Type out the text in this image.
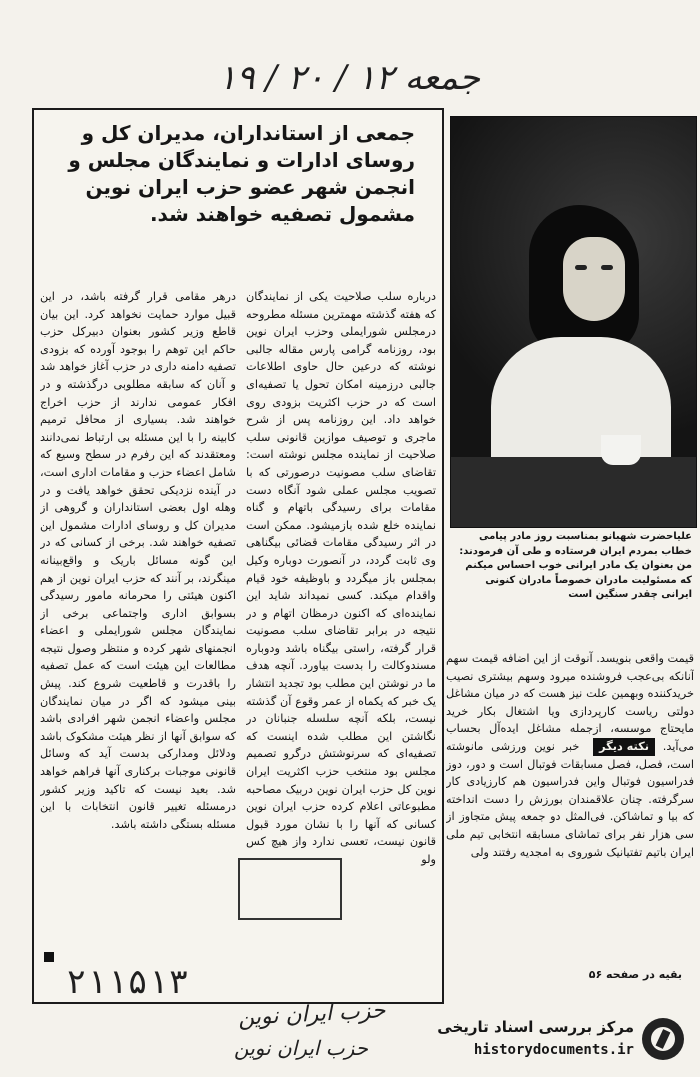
جمعه ۱۲ / ۲۰ / ۱۹
جمعی از استانداران، مدیران کل و روسای ادارات و نمایندگان مجلس و انجمن شهر عضو حزب ایران نوین مشمول تصفیه خواهند شد.
درباره سلب صلاحیت یکی از نمایندگان که هفته گذشته مهمترین مسئله مطروحه درمجلس شورایملی وحزب ایران نوین بود، روزنامه گرامی پارس مقاله جالبی نوشته که درعین حال حاوی اطلاعات جالبی درزمینه امکان تحول یا تصفیه‌ای است که در حزب اکثریت بزودی روی خواهد داد. این روزنامه پس از شرح ماجری و توصیف موازین قانونی سلب صلاحیت از نماینده مجلس نوشته است: تقاضای سلب مصونیت درصورتی که با تصویب مجلس عملی شود آنگاه دست مقامات برای رسیدگی باتهام و گناه نماینده خلع شده بازمیشود. ممکن است در اثر رسیدگی مقامات قضائی بیگناهی وی ثابت گردد، در آنصورت دوباره وکیل بمجلس باز میگردد و باوظیفه خود قیام واقدام میکند. کسی نمیداند شاید این نماینده‌ای که اکنون درمظان اتهام و در نتیجه در برابر تقاضای سلب مصونیت قرار گرفته، راستی بیگناه باشد ودوباره مسندوکالت را بدست بیاورد. آنچه هدف ما در نوشتن این مطلب بود تجدید انتشار یک خبر که یکماه از عمر وقوع آن گذشته نیست، بلکه آنچه سلسله جنبانان در نگاشتن این مطلب شده اینست که تصفیه‌ای که سرنوشتش درگرو تصمیم مجلس بود منتخب حزب اکثریت ایران نوین کل حزب ایران نوین دربیک مصاحبه مطبوعاتی اعلام کرده حزب ایران نوین کسانی که آنها را با نشان مورد قبول قانون نیست، تعسی ندارد واز هیچ کس ولو
درهر مقامی قرار گرفته باشد، در این قبیل موارد حمایت نخواهد کرد. این بیان قاطع وزیر کشور بعنوان دبیرکل حزب حاکم این توهم را بوجود آورده که بزودی تصفیه دامنه داری در حزب آغاز خواهد شد و آنان که سابقه مطلوبی درگذشته و در افکار عمومی ندارند از حزب اخراج خواهند شد. بسیاری از محافل ترمیم کابینه را با این مسئله بی ارتباط نمی‌دانند ومعتقدند که این رفرم در سطح وسیع که شامل اعضاء حزب و مقامات اداری است، در آینده نزدیکی تحقق خواهد یافت و در وهله اول بعضی استانداران و گروهی از مدیران کل و روسای ادارات مشمول این تصفیه خواهند شد. برخی از کسانی که در این گونه مسائل باریک و واقع‌بینانه مینگرند، بر آنند که حزب ایران نوین از هم اکنون هیئتی را محرمانه مامور رسیدگی بسوابق اداری واجتماعی برخی از نمایندگان مجلس شورایملی و اعضاء انجمنهای شهر کرده و منتظر وصول نتیجه مطالعات این هیئت است که عمل تصفیه را باقدرت و قاطعیت شروع کند. پیش بینی میشود که اگر در میان نمایندگان مجلس واعضاء انجمن شهر افرادی باشد که سوابق آنها از نظر هیئت مشکوک باشد ودلائل ومدارکی بدست آید که وسائل قانونی موجبات برکناری آنها فراهم خواهد شد. بعید نیست که تاکید وزیر کشور درمسئله تغییر قانون انتخابات با این مسئله بستگی داشته باشد.
علیاحضرت شهبانو بمناسبت روز مادر پیامی خطاب بمردم ایران فرستاده و طی آن فرمودند: من بعنوان یک مادر ایرانی خوب احساس میکنم که مسئولیت مادران خصوصاً مادران کنونی ایرانی چقدر سنگین است
قیمت واقعی بنویسد. آنوقت از این اضافه قیمت سهم آنانکه بی‌عجب فروشنده میرود وسهم بیشتری نصیب خریدکننده وبهمین علت نیز هست که در میان مشاغل دولتی ریاست کارپردازی ویا اشتغال بکار خرید مایحتاج موسسه، ازجمله مشاغل ایده‌آل بحساب می‌آید. نکته دیگر خبر نوین ورزشی مانوشته است، فصل، فصل مسابقات فوتبال است و دور، دوز فدراسیون فوتبال واین فدراسیون هم کارزیادی کار سرگرفته. چنان علاقمندان بورزش را دست انداخته که بیا و تماشاکن. فی‌المثل دو جمعه پیش متجاوز از سی هزار نفر برای تماشای مسابقه انتخابی تیم ملی ایران باتیم تفتیانیک شوروی به امجدیه رفتند ولی
بقیه در صفحه ۵۶
۲۱۱۵۱۳
حزب ایران نوین
حزب ایران نوین
مرکز بررسی اسناد تاریخی
historydocuments.ir
